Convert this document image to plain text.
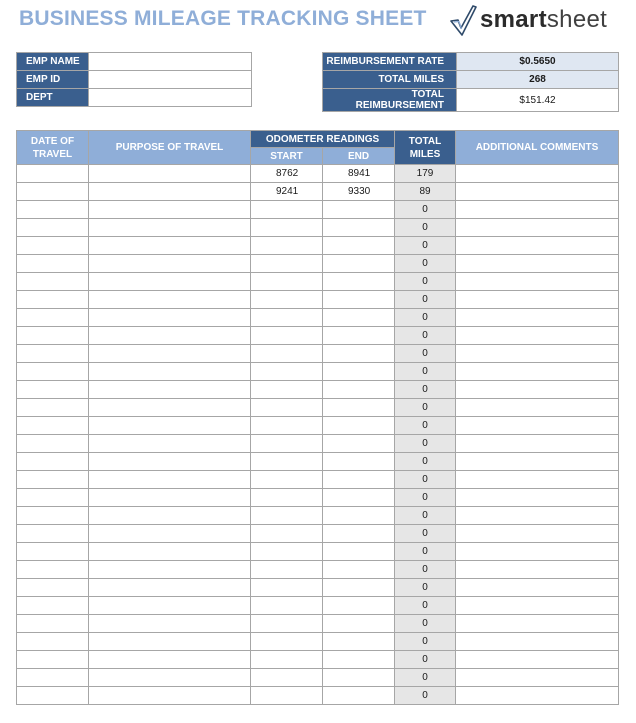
BUSINESS MILEAGE TRACKING SHEET smartsheet
EMP NAME	
EMP ID	
DEPT	
REIMBURSEMENT RATE	$0.5650
TOTAL MILES	268
TOTAL REIMBURSEMENT	$151.42
DATE OF TRAVEL	PURPOSE OF TRAVEL	ODOMETER READINGS		TOTAL MILES	ADDITIONAL COMMENTS
		START	END		
		8762	8941	179	
		9241	9330	89	
				0	
				0	
				0	
				0	
				0	
				0	
				0	
				0	
				0	
				0	
				0	
				0	
				0	
				0	
				0	
				0	
				0	
				0	
				0	
				0	
				0	
				0	
				0	
				0	
				0	
				0	
				0	
				0	
